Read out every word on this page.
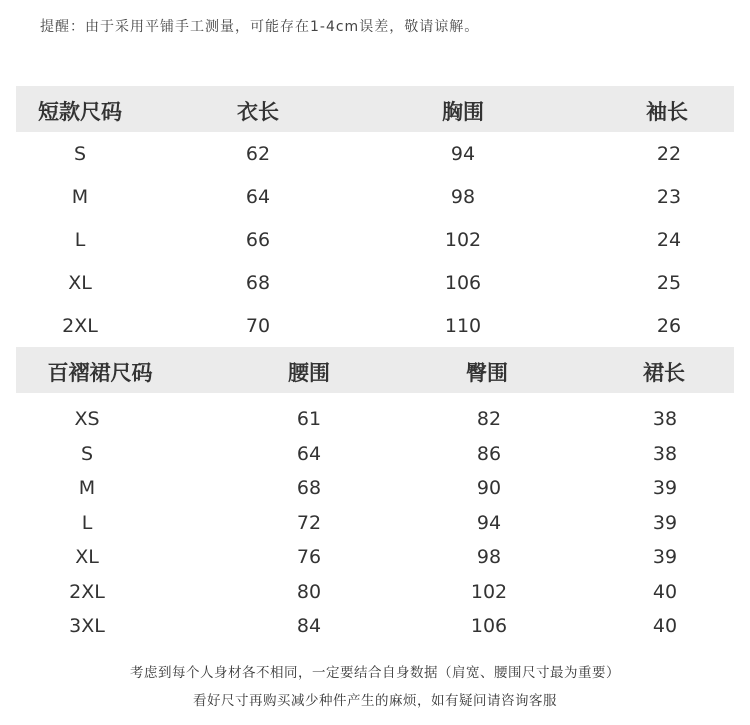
提醒：由于采用平铺手工测量，可能存在1-4cm误差，敬请谅解。
短款尺码	衣长	胸围	袖长
S	62	94	22
M	64	98	23
L	66	102	24
XL	68	106	25
2XL	70	110	26
百褶裙尺码	腰围	臀围	裙长
XS	61	82	38
S	64	86	38
M	68	90	39
L	72	94	39
XL	76	98	39
2XL	80	102	40
3XL	84	106	40
考虑到每个人身材各不相同，一定要结合自身数据（肩宽、腰围尺寸最为重要）
看好尺寸再购买减少种件产生的麻烦，如有疑问请咨询客服
